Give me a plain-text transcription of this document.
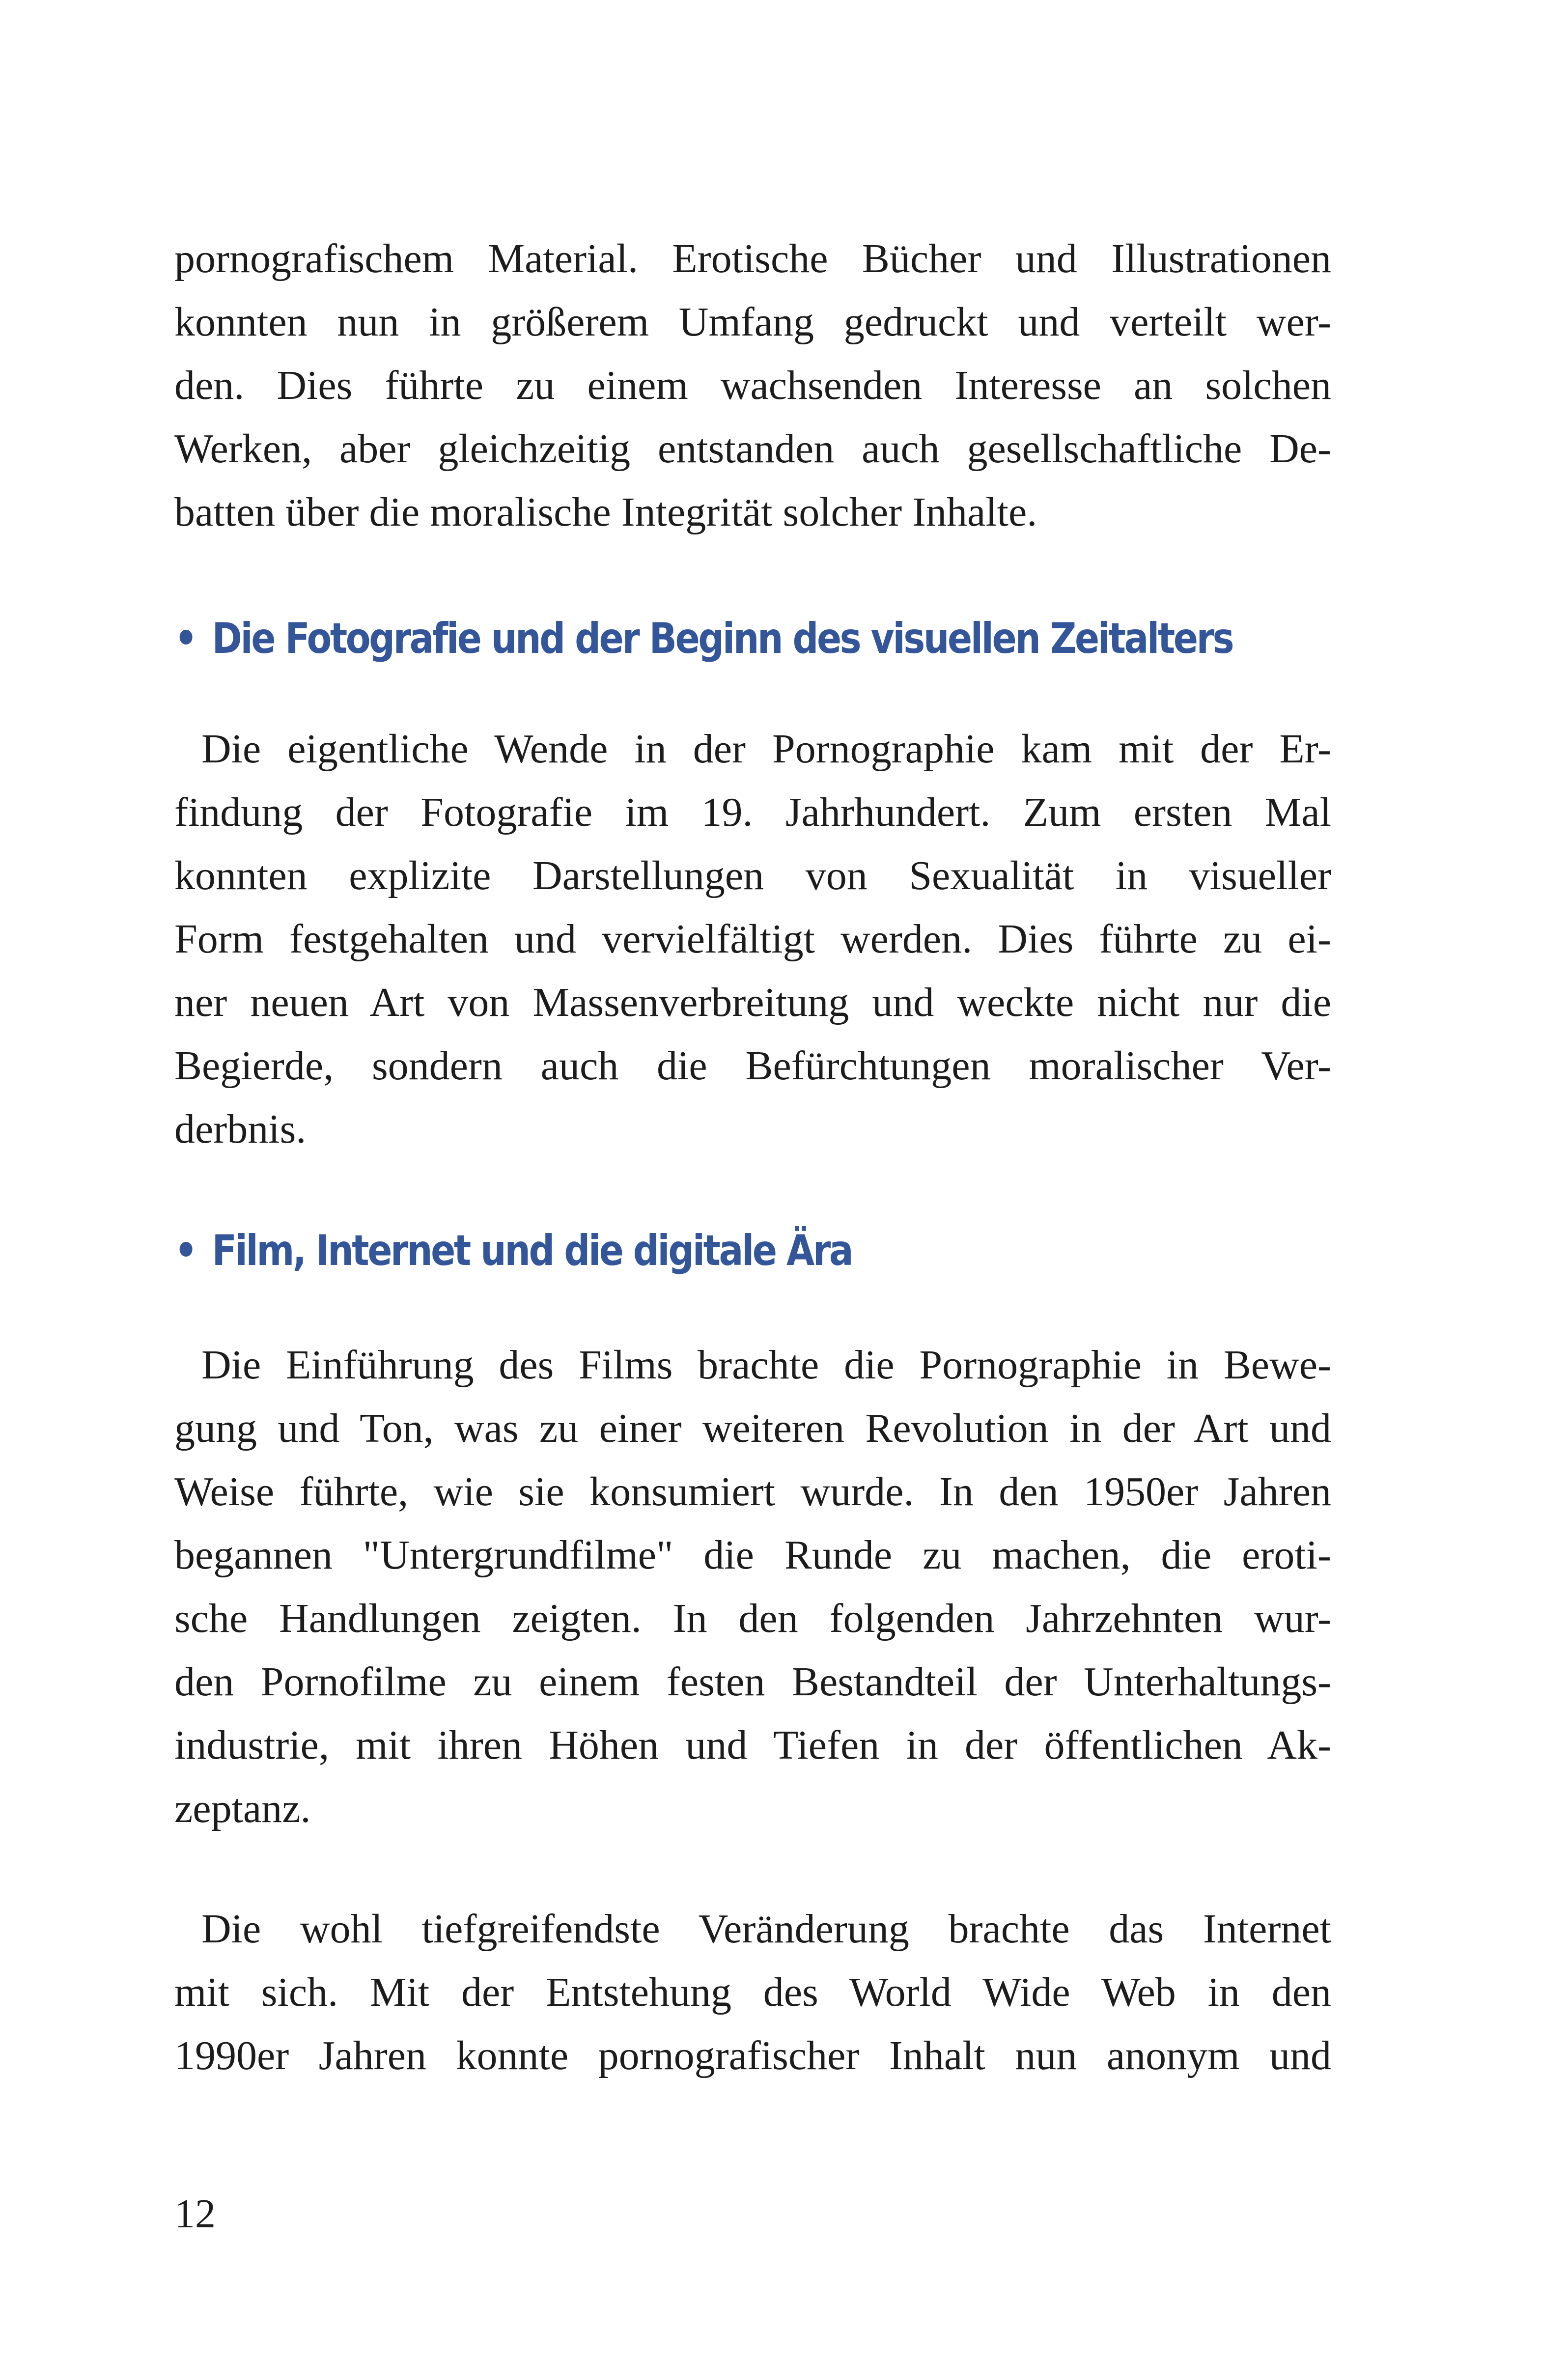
pornografischem Material. Erotische Bücher und Illustrationen
konnten nun in größerem Umfang gedruckt und verteilt wer-
den. Dies führte zu einem wachsenden Interesse an solchen
Werken, aber gleichzeitig entstanden auch gesellschaftliche De-
batten über die moralische Integrität solcher Inhalte.
• Die Fotografie und der Beginn des visuellen Zeitalters
Die eigentliche Wende in der Pornographie kam mit der Er-
findung der Fotografie im 19. Jahrhundert. Zum ersten Mal
konnten explizite Darstellungen von Sexualität in visueller
Form festgehalten und vervielfältigt werden. Dies führte zu ei-
ner neuen Art von Massenverbreitung und weckte nicht nur die
Begierde, sondern auch die Befürchtungen moralischer Ver-
derbnis.
• Film, Internet und die digitale Ära
Die Einführung des Films brachte die Pornographie in Bewe-
gung und Ton, was zu einer weiteren Revolution in der Art und
Weise führte, wie sie konsumiert wurde. In den 1950er Jahren
begannen "Untergrundfilme" die Runde zu machen, die eroti-
sche Handlungen zeigten. In den folgenden Jahrzehnten wur-
den Pornofilme zu einem festen Bestandteil der Unterhaltungs-
industrie, mit ihren Höhen und Tiefen in der öffentlichen Ak-
zeptanz.
Die wohl tiefgreifendste Veränderung brachte das Internet
mit sich. Mit der Entstehung des World Wide Web in den
1990er Jahren konnte pornografischer Inhalt nun anonym und
12
